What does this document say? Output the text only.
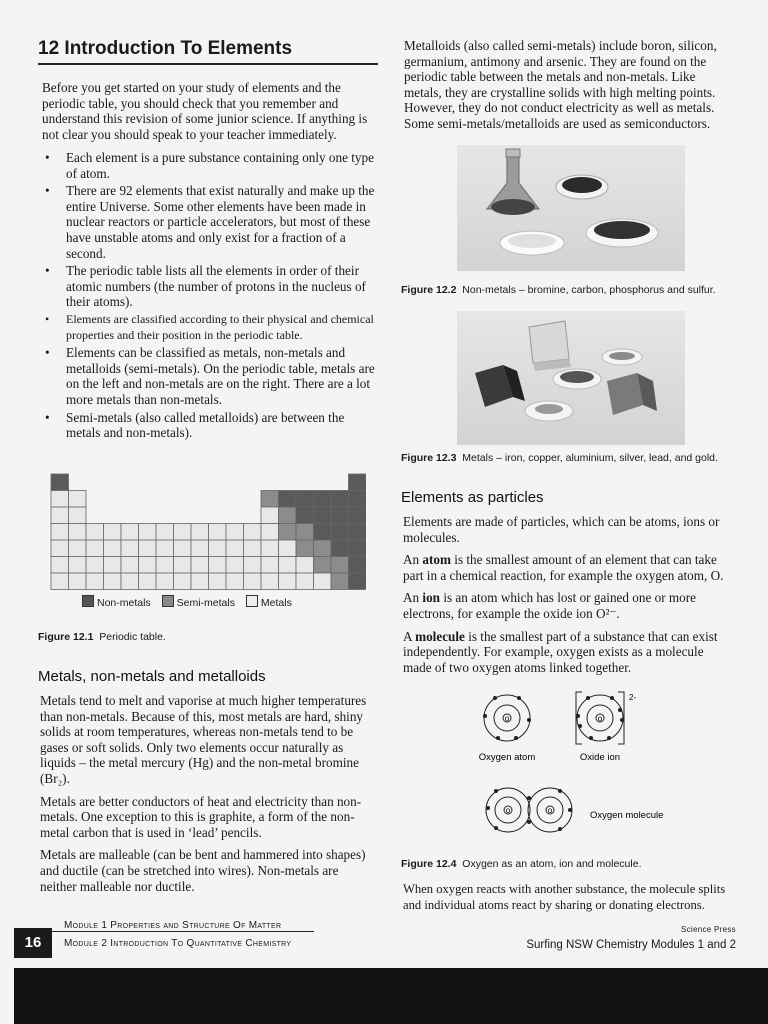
12 Introduction To Elements

Before you get started on your study of elements and the periodic table, you should check that you remember and understand this revision of some junior science. If anything is not clear you should speak to your teacher immediately.

• Each element is a pure substance containing only one type of atom.
• There are 92 elements that exist naturally and make up the entire Universe. Some other elements have been made in nuclear reactors or particle accelerators, but most of these have unstable atoms and only exist for a fraction of a second.
• The periodic table lists all the elements in order of their atomic numbers (the number of protons in the nucleus of their atoms).
• Elements are classified according to their physical and chemical properties and their position in the periodic table.
• Elements can be classified as metals, non-metals and metalloids (semi-metals). On the periodic table, metals are on the left and non-metals are on the right. There are a lot more metals than non-metals.
• Semi-metals (also called metalloids) are between the metals and non-metals).
Non-metals Semi-metals Metals
Figure 12.1 Periodic table.
Metals, non-metals and metalloids

Metals tend to melt and vaporise at much higher temperatures than non-metals. Because of this, most metals are hard, shiny solids at room temperatures, whereas non-metals tend to be gases or soft solids. Only two elements occur naturally as liquids – the metal mercury (Hg) and the non-metal bromine (Br₂).

Metals are better conductors of heat and electricity than non-metals. One exception to this is graphite, a form of the non-metal carbon that is used in ‘lead’ pencils.

Metals are malleable (can be bent and hammered into shapes) and ductile (can be stretched into wires). Non-metals are neither malleable nor ductile.

Metalloids (also called semi-metals) include boron, silicon, germanium, antimony and arsenic. They are found on the periodic table between the metals and non-metals. Like metals, they are crystalline solids with high melting points. However, they do not conduct electricity as well as metals. Some semi-metals/metalloids are used as semiconductors.

Figure 12.2 Non-metals – bromine, carbon, phosphorus and sulfur.
Figure 12.3 Metals – iron, copper, aluminium, silver, lead, and gold.
Elements as particles

Elements are made of particles, which can be atoms, ions or molecules.

An atom is the smallest amount of an element that can take part in a chemical reaction, for example the oxygen atom, O.

An ion is an atom which has lost or gained one or more electrons, for example the oxide ion O²⁻.

A molecule is the smallest part of a substance that can exist independently. For example, oxygen exists as a molecule made of two oxygen atoms linked together.

2-
o	o
o	o
Oxygen atom	Oxide ion
Oxygen molecule
Figure 12.4 Oxygen as an atom, ion and molecule.

When oxygen reacts with another substance, the molecule splits and individual atoms react by sharing or donating electrons.

16
Module 1 Properties and Structure Of Matter
Module 2 Introduction To Quantitative Chemistry
Science Press
Surfing NSW Chemistry Modules 1 and 2
